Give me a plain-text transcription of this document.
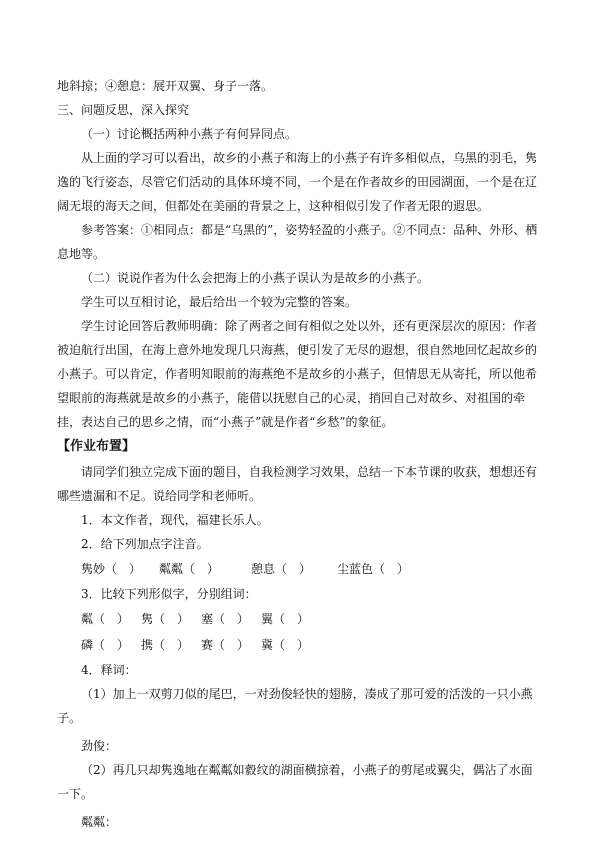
地斜掠；④憩息：展开双翼、身子一落。

三、问题反思，深入探究

（一）讨论概括两种小燕子有何异同点。

从上面的学习可以看出，故乡的小燕子和海上的小燕子有许多相似点，乌黑的羽毛，隽逸的飞行姿态，尽管它们活动的具体环境不同，一个是在作者故乡的田园湖面，一个是在辽阔无垠的海天之间，但都处在美丽的背景之上，这种相似引发了作者无限的遐思。

参考答案：①相同点：都是“乌黑的”，姿势轻盈的小燕子。②不同点：品种、外形、栖息地等。

（二）说说作者为什么会把海上的小燕子误认为是故乡的小燕子。

学生可以互相讨论，最后给出一个较为完整的答案。

学生讨论回答后教师明确：除了两者之间有相似之处以外，还有更深层次的原因：作者被迫航行出国，在海上意外地发现几只海燕，便引发了无尽的遐想，很自然地回忆起故乡的小燕子。可以肯定，作者明知眼前的海燕绝不是故乡的小燕子，但情思无从寄托，所以他希望眼前的海燕就是故乡的小燕子，能借以抚慰自己的心灵，捎回自己对故乡、对祖国的牵挂，表达自己的思乡之情，而“小燕子”就是作者“乡愁”的象征。

【作业布置】

请同学们独立完成下面的题目，自我检测学习效果，总结一下本节课的收获，想想还有哪些遗漏和不足。说给同学和老师听。

1．本文作者，现代，福建长乐人。

2．给下列加点字注音。

隽妙（　）	粼粼（　）	憩息（　）	尘蓝色（　）

3．比较下列形似字，分别组词：

粼（　） 隽（　） 塞（　） 翼（　）
磷（　） 携（　） 赛（　） 冀（　）

4．释词：

（1）加上一双剪刀似的尾巴，一对劲俊轻快的翅膀，凑成了那可爱的活泼的一只小燕子。

劲俊：

（2）再几只却隽逸地在粼粼如縠纹的湖面横掠着，小燕子的剪尾或翼尖，偶沾了水面一下。

粼粼：
